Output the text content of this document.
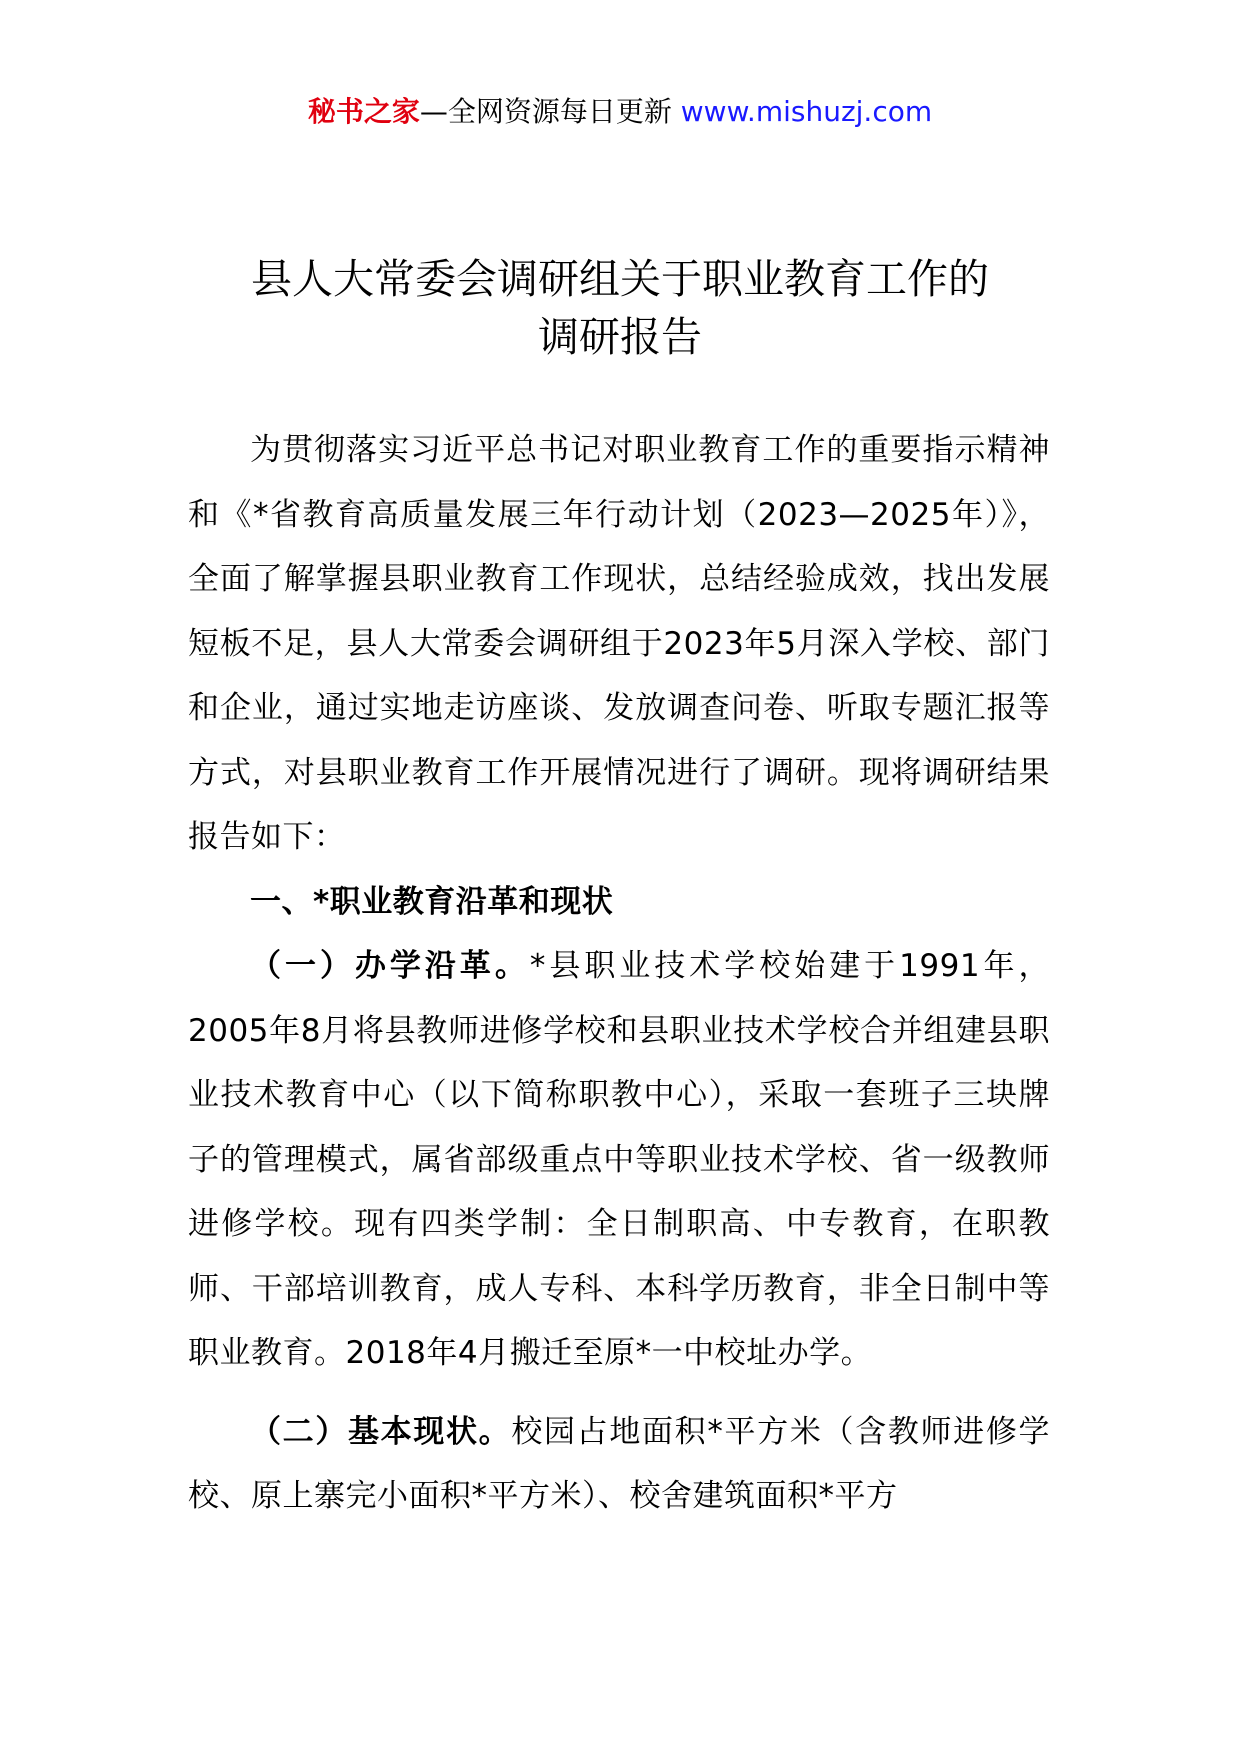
秘书之家—全网资源每日更新 www.mishuzj.com
县人大常委会调研组关于职业教育工作的
调研报告

为贯彻落实习近平总书记对职业教育工作的重要指示精神和《*省教育高质量发展三年行动计划（2023—2025年）》，全面了解掌握县职业教育工作现状，总结经验成效，找出发展短板不足，县人大常委会调研组于2023年5月深入学校、部门和企业，通过实地走访座谈、发放调查问卷、听取专题汇报等方式，对县职业教育工作开展情况进行了调研。现将调研结果报告如下：

一、*职业教育沿革和现状

（一）办学沿革。*县职业技术学校始建于1991年，2005年8月将县教师进修学校和县职业技术学校合并组建县职业技术教育中心（以下简称职教中心），采取一套班子三块牌子的管理模式，属省部级重点中等职业技术学校、省一级教师进修学校。现有四类学制：全日制职高、中专教育，在职教师、干部培训教育，成人专科、本科学历教育，非全日制中等职业教育。2018年4月搬迁至原*一中校址办学。

（二）基本现状。校园占地面积*平方米（含教师进修学校、原上寨完小面积*平方米）、校舍建筑面积*平方
